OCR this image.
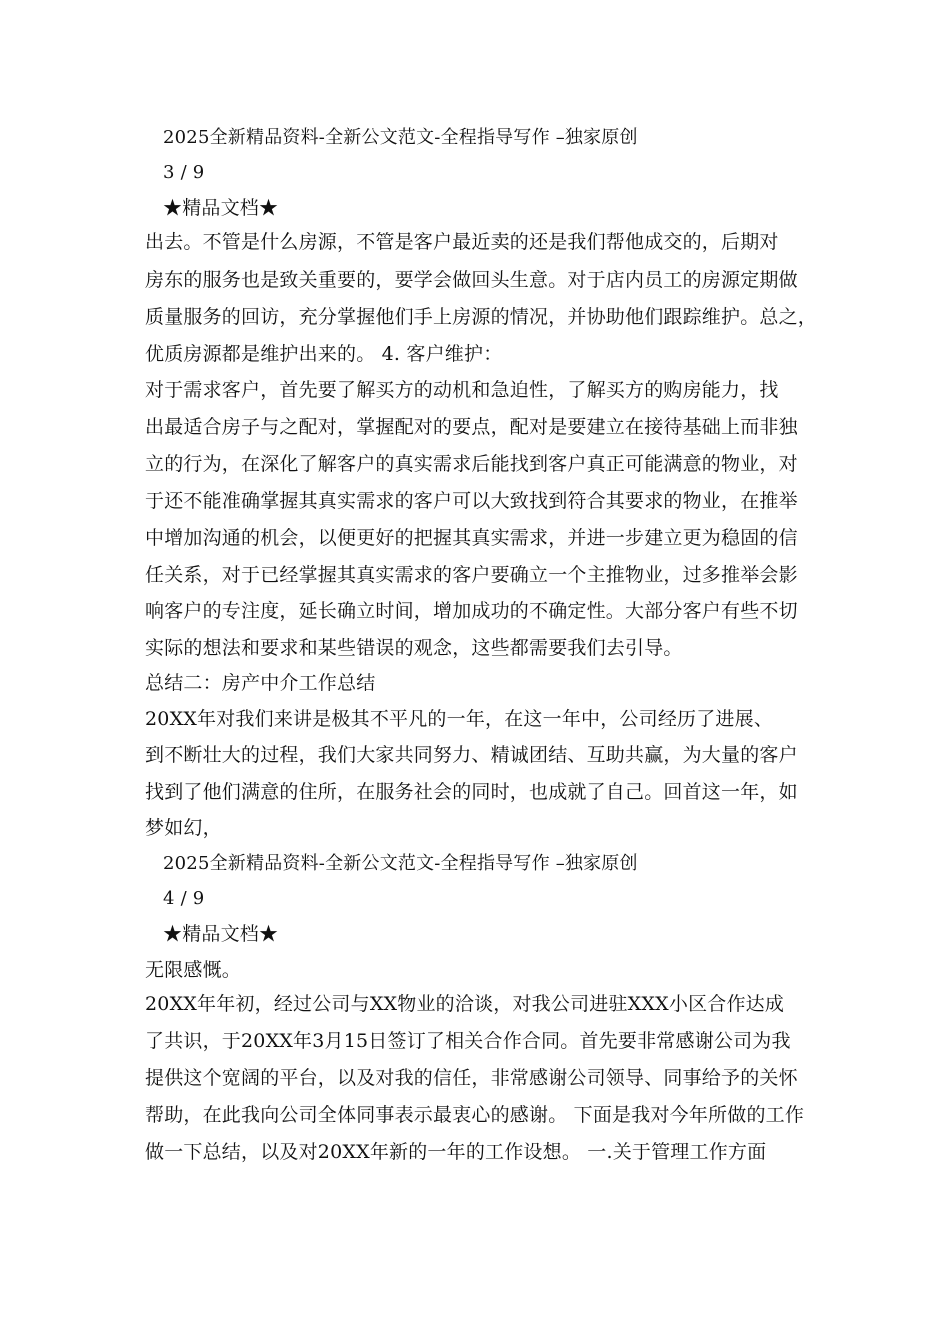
2025全新精品资料-全新公文范文-全程指导写作 –独家原创
3 / 9
★精品文档★
出去。不管是什么房源，不管是客户最近卖的还是我们帮他成交的，后期对
房东的服务也是致关重要的，要学会做回头生意。对于店内员工的房源定期做
质量服务的回访，充分掌握他们手上房源的情况，并协助他们跟踪维护。总之，
优质房源都是维护出来的。 4. 客户维护：
对于需求客户，首先要了解买方的动机和急迫性，了解买方的购房能力，找
出最适合房子与之配对，掌握配对的要点，配对是要建立在接待基础上而非独
立的行为，在深化了解客户的真实需求后能找到客户真正可能满意的物业，对
于还不能准确掌握其真实需求的客户可以大致找到符合其要求的物业，在推举
中增加沟通的机会，以便更好的把握其真实需求，并进一步建立更为稳固的信
任关系，对于已经掌握其真实需求的客户要确立一个主推物业，过多推举会影
响客户的专注度，延长确立时间，增加成功的不确定性。大部分客户有些不切
实际的想法和要求和某些错误的观念，这些都需要我们去引导。
总结二：房产中介工作总结
20XX年对我们来讲是极其不平凡的一年，在这一年中，公司经历了进展、
到不断壮大的过程，我们大家共同努力、精诚团结、互助共赢，为大量的客户
找到了他们满意的住所，在服务社会的同时，也成就了自己。回首这一年，如
梦如幻，
2025全新精品资料-全新公文范文-全程指导写作 –独家原创
4 / 9
★精品文档★
无限感慨。
20XX年年初，经过公司与XX物业的洽谈，对我公司进驻XXX小区合作达成
了共识，于20XX年3月15日签订了相关合作合同。首先要非常感谢公司为我
提供这个宽阔的平台，以及对我的信任，非常感谢公司领导、同事给予的关怀
帮助，在此我向公司全体同事表示最衷心的感谢。 下面是我对今年所做的工作
做一下总结，以及对20XX年新的一年的工作设想。 一.关于管理工作方面
